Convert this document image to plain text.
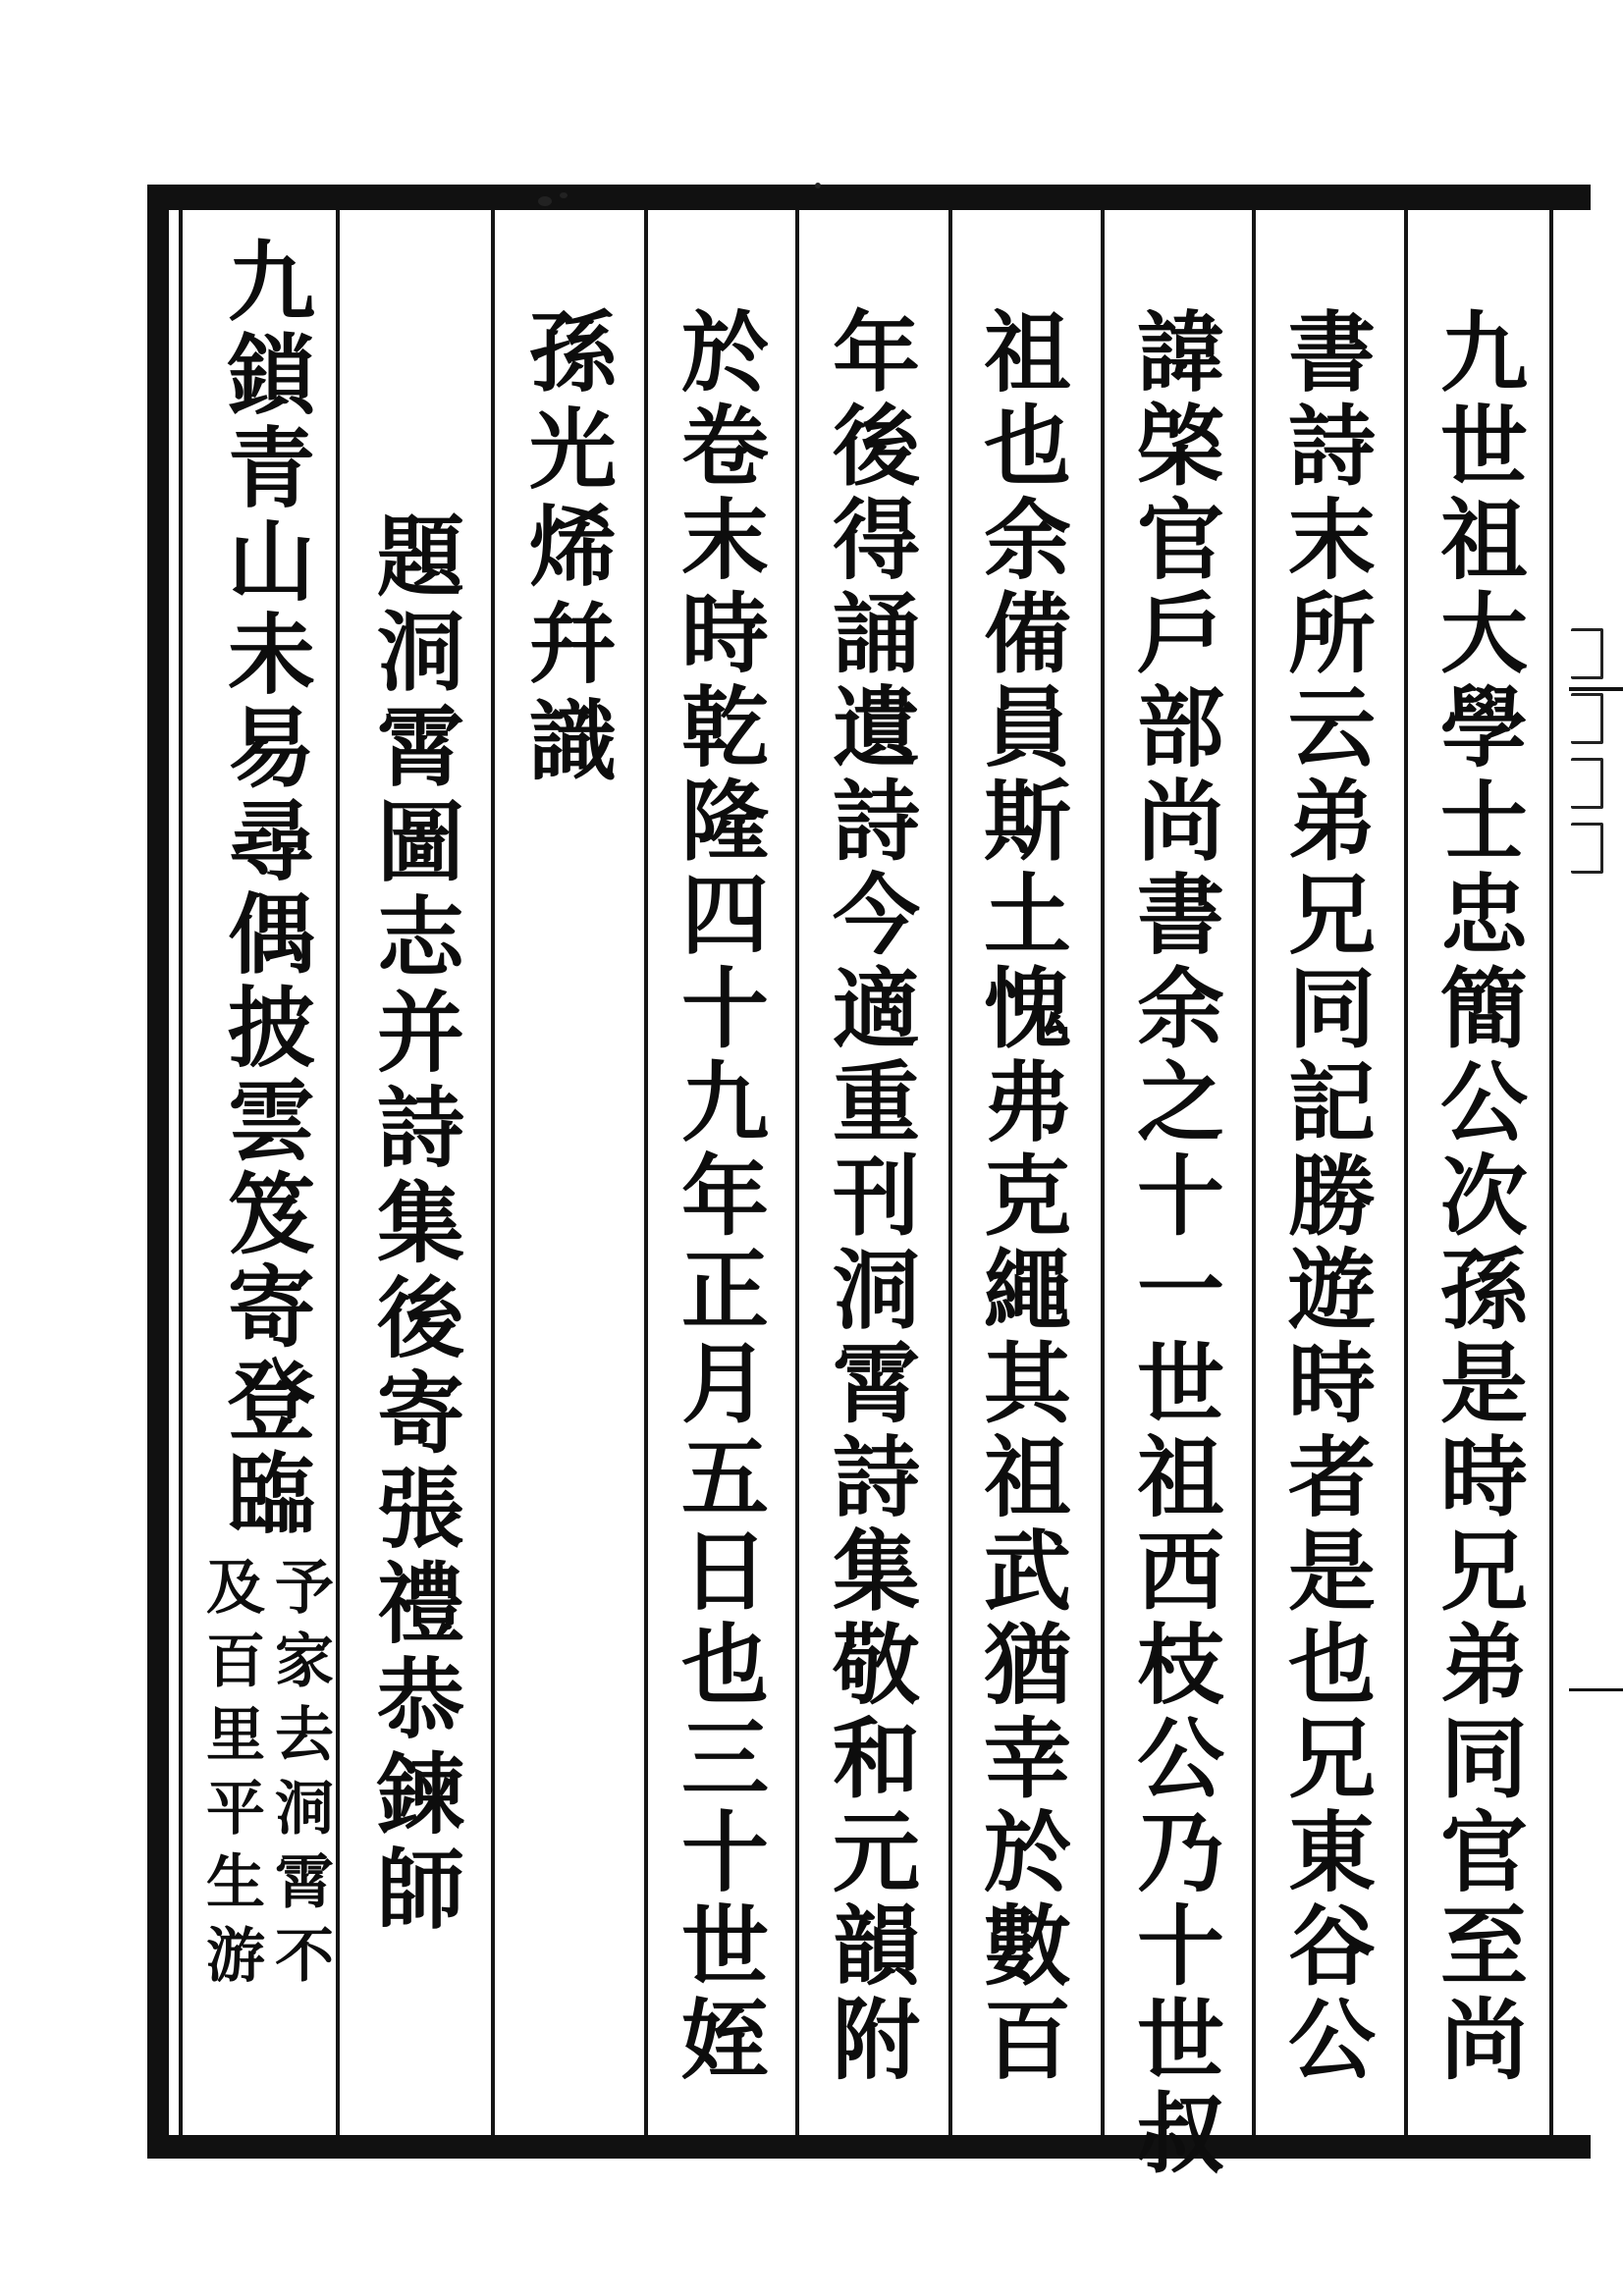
九世祖大學士忠簡公次孫是時兄弟同官至尚
書詩末所云弟兄同記勝遊時者是也兄東谷公
諱棨官戶部尚書余之十一世祖西枝公乃十世叔
祖也余備員斯土愧弗克繩其祖武猶幸於數百
年後得誦遺詩今適重刊洞霄詩集敬和元韻附
於卷末時乾隆四十九年正月五日也三十世姪
孫光烯幷識
題洞霄圖志并詩集後寄張禮恭鍊師
九鎖青山未易尋偶披雲笈寄登臨
予家去洞霄不
及百里平生游
